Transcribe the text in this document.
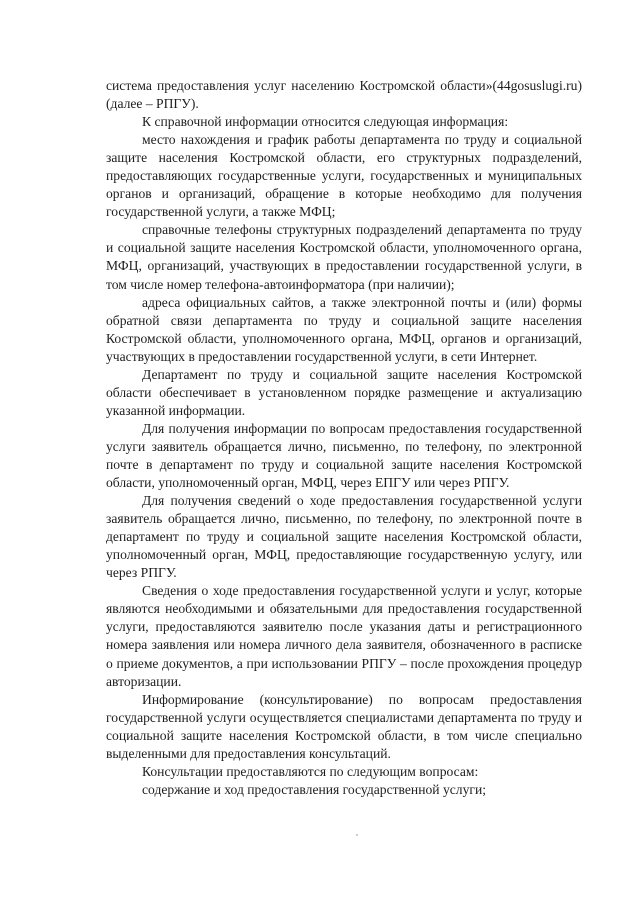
система предоставления услуг населению Костромской области»(44gosuslugi.ru) (далее – РПГУ).

К справочной информации относится следующая информация:

место нахождения и график работы департамента по труду и социальной защите населения Костромской области, его структурных подразделений, предоставляющих государственные услуги, государственных и муниципальных органов и организаций, обращение в которые необходимо для получения государственной услуги, а также МФЦ;

справочные телефоны структурных подразделений департамента по труду и социальной защите населения Костромской области, уполномоченного органа, МФЦ, организаций, участвующих в предоставлении государственной услуги, в том числе номер телефона-автоинформатора (при наличии);

адреса официальных сайтов, а также электронной почты и (или) формы обратной связи департамента по труду и социальной защите населения Костромской области, уполномоченного органа, МФЦ, органов и организаций, участвующих в предоставлении государственной услуги, в сети Интернет.

Департамент по труду и социальной защите населения Костромской области обеспечивает в установленном порядке размещение и актуализацию указанной информации.

Для получения информации по вопросам предоставления государственной услуги заявитель обращается лично, письменно, по телефону, по электронной почте в департамент по труду и социальной защите населения Костромской области, уполномоченный орган, МФЦ, через ЕПГУ или через РПГУ.

Для получения сведений о ходе предоставления государственной услуги заявитель обращается лично, письменно, по телефону, по электронной почте в департамент по труду и социальной защите населения Костромской области, уполномоченный орган, МФЦ, предоставляющие государственную услугу, или через РПГУ.

Сведения о ходе предоставления государственной услуги и услуг, которые являются необходимыми и обязательными для предоставления государственной услуги, предоставляются заявителю после указания даты и регистрационного номера заявления или номера личного дела заявителя, обозначенного в расписке о приеме документов, а при использовании РПГУ – после прохождения процедур авторизации.

Информирование (консультирование) по вопросам предоставления государственной услуги осуществляется специалистами департамента по труду и социальной защите населения Костромской области, в том числе специально выделенными для предоставления консультаций.

Консультации предоставляются по следующим вопросам:

содержание и ход предоставления государственной услуги;
